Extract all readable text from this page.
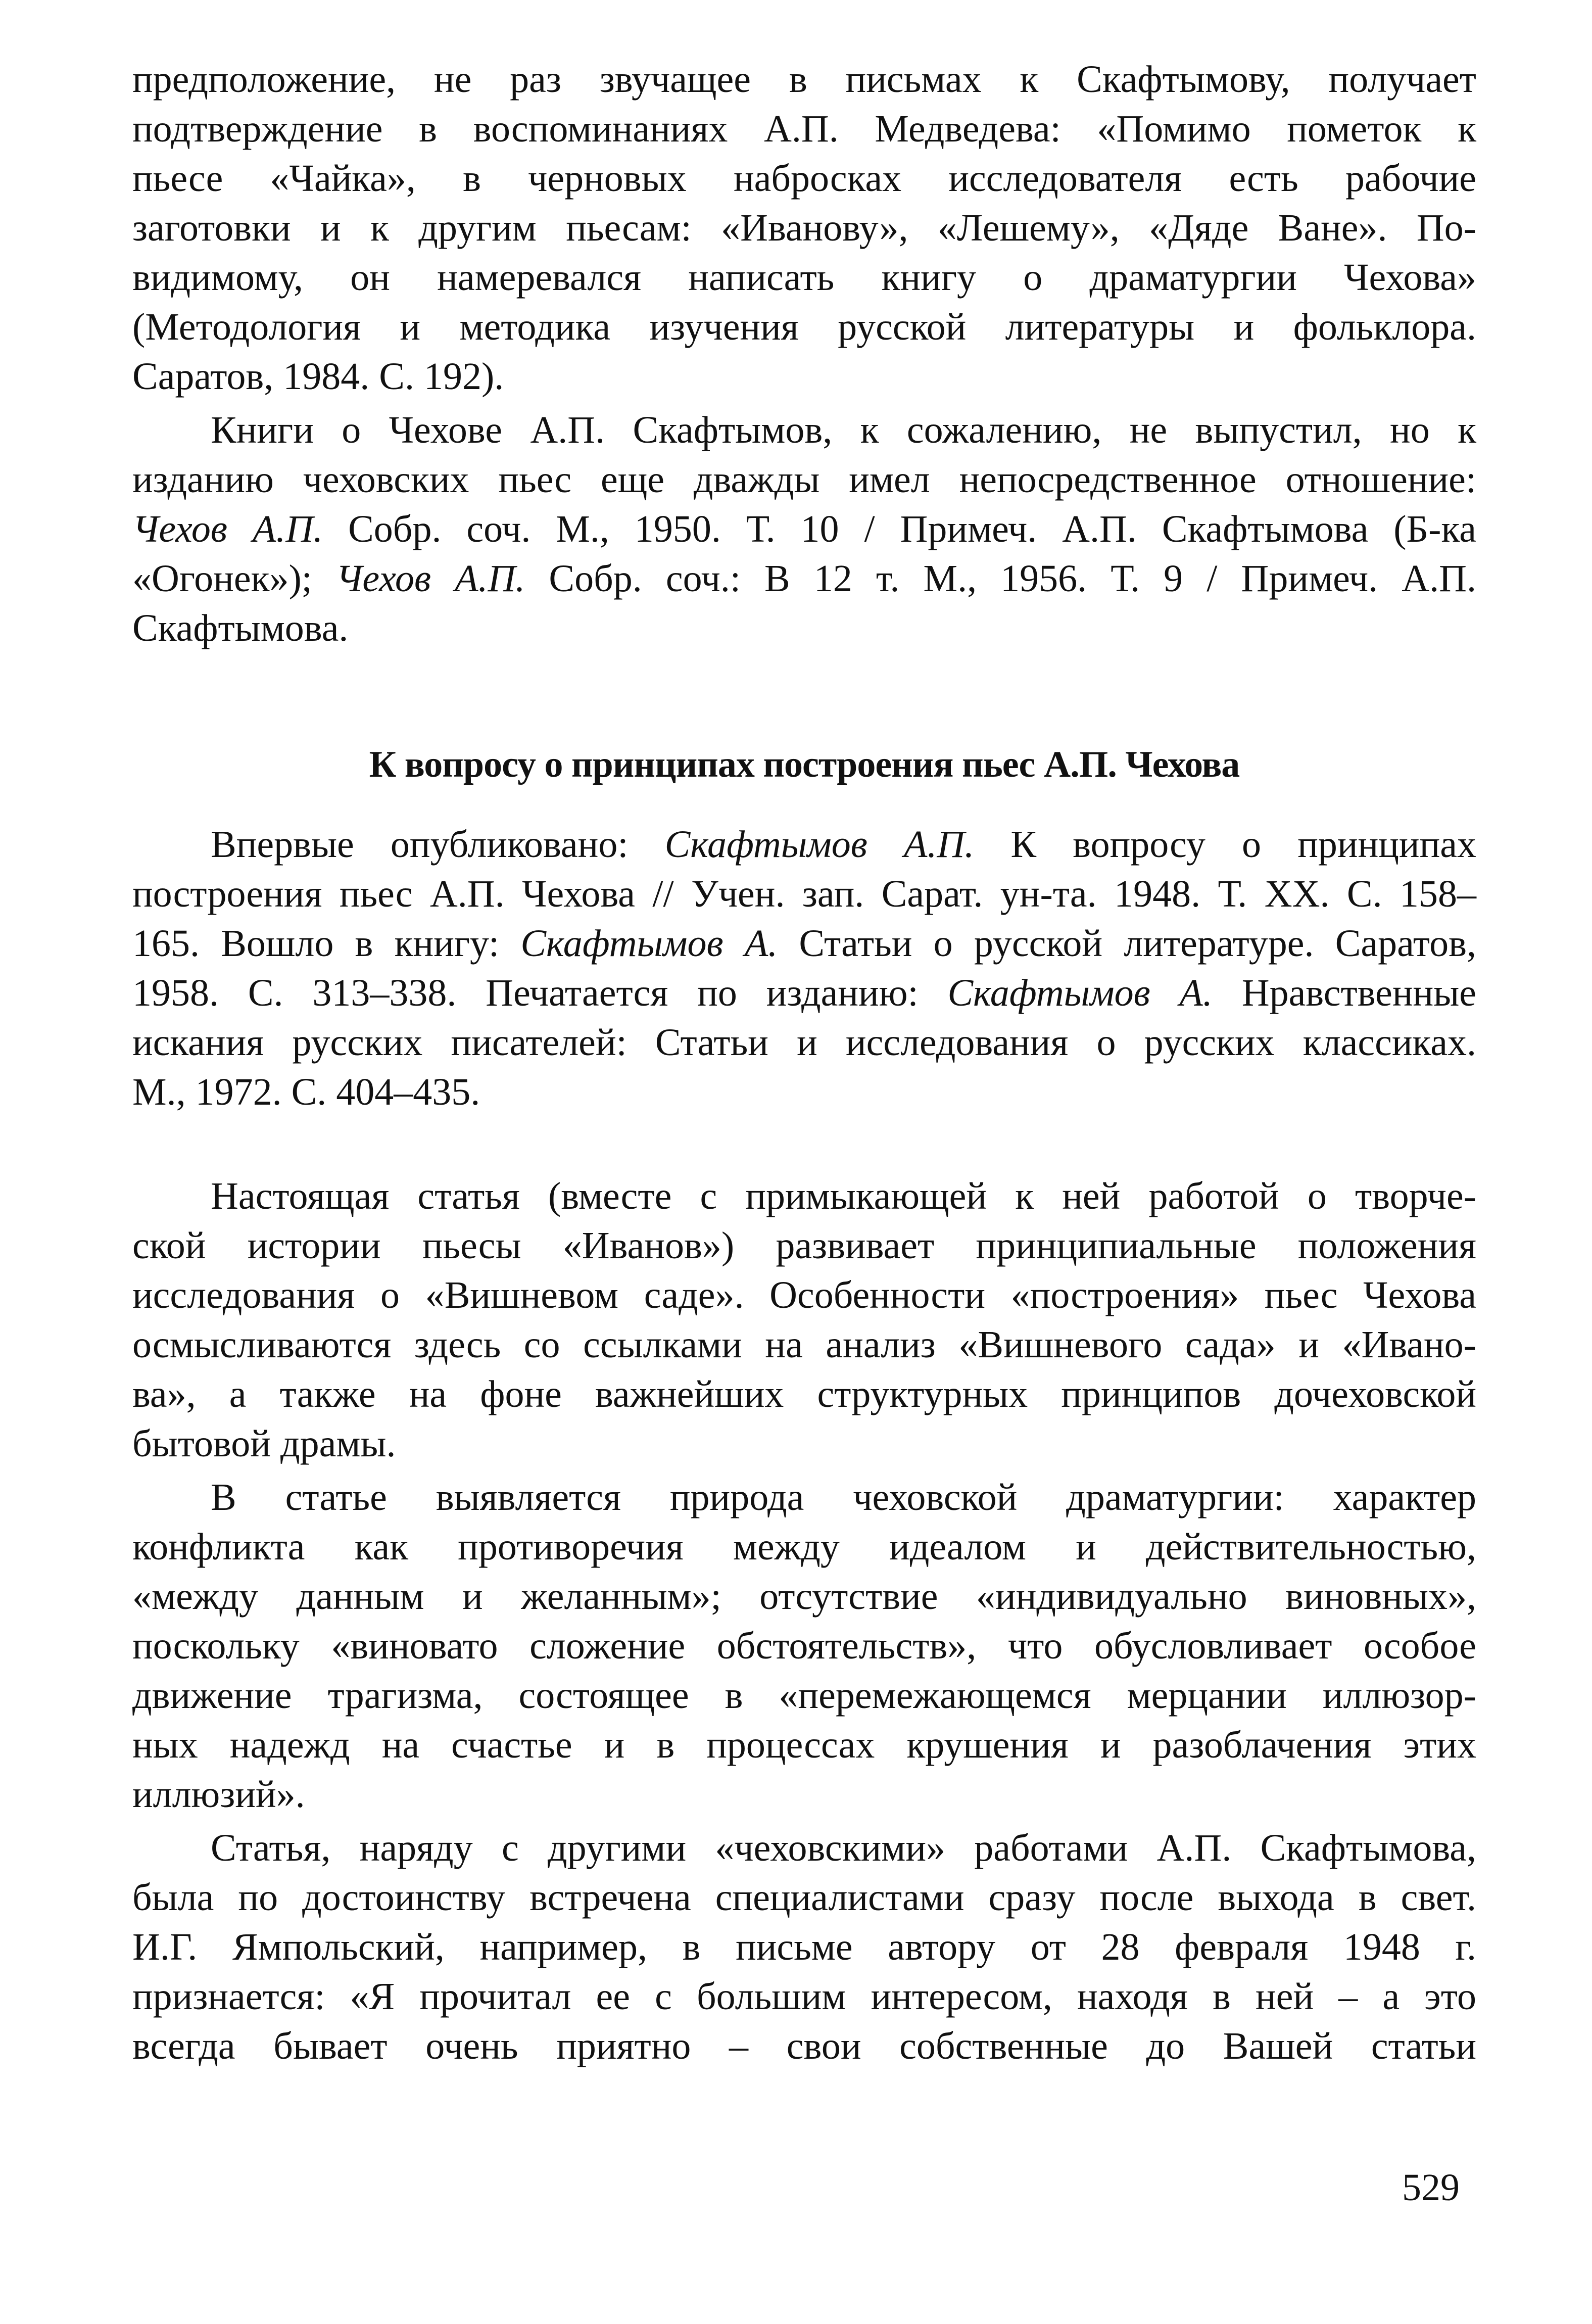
предположение, не раз звучащее в письмах к Скафтымову, получает
подтверждение в воспоминаниях А.П. Медведева: «Помимо пометок к
пьесе «Чайка», в черновых набросках исследователя есть рабочие
заготовки и к другим пьесам: «Иванову», «Лешему», «Дяде Ване». По-
видимому, он намеревался написать книгу о драматургии Чехова»
(Методология и методика изучения русской литературы и фольклора.
Саратов, 1984. С. 192).
Книги о Чехове А.П. Скафтымов, к сожалению, не выпустил, но к
изданию чеховских пьес еще дважды имел непосредственное отношение:
Чехов А.П. Собр. соч. М., 1950. Т. 10 / Примеч. А.П. Скафтымова (Б-ка
«Огонек»); Чехов А.П. Собр. соч.: В 12 т. М., 1956. Т. 9 / Примеч. А.П.
Скафтымова.
К вопросу о принципах построения пьес А.П. Чехова
Впервые опубликовано: Скафтымов А.П. К вопросу о принципах
построения пьес А.П. Чехова // Учен. зап. Сарат. ун-та. 1948. Т. XX. С. 158–
165. Вошло в книгу: Скафтымов А. Статьи о русской литературе. Саратов,
1958. С. 313–338. Печатается по изданию: Скафтымов А. Нравственные
искания русских писателей: Статьи и исследования о русских классиках.
М., 1972. С. 404–435.
Настоящая статья (вместе с примыкающей к ней работой о творче-
ской истории пьесы «Иванов») развивает принципиальные положения
исследования о «Вишневом саде». Особенности «построения» пьес Чехова
осмысливаются здесь со ссылками на анализ «Вишневого сада» и «Ивано-
ва», а также на фоне важнейших структурных принципов дочеховской
бытовой драмы.
В статье выявляется природа чеховской драматургии: характер
конфликта как противоречия между идеалом и действительностью,
«между данным и желанным»; отсутствие «индивидуально виновных»,
поскольку «виновато сложение обстоятельств», что обусловливает особое
движение трагизма, состоящее в «перемежающемся мерцании иллюзор-
ных надежд на счастье и в процессах крушения и разоблачения этих
иллюзий».
Статья, наряду с другими «чеховскими» работами А.П. Скафтымова,
была по достоинству встречена специалистами сразу после выхода в свет.
И.Г. Ямпольский, например, в письме автору от 28 февраля 1948 г.
признается: «Я прочитал ее с большим интересом, находя в ней – а это
всегда бывает очень приятно – свои собственные до Вашей статьи
529
